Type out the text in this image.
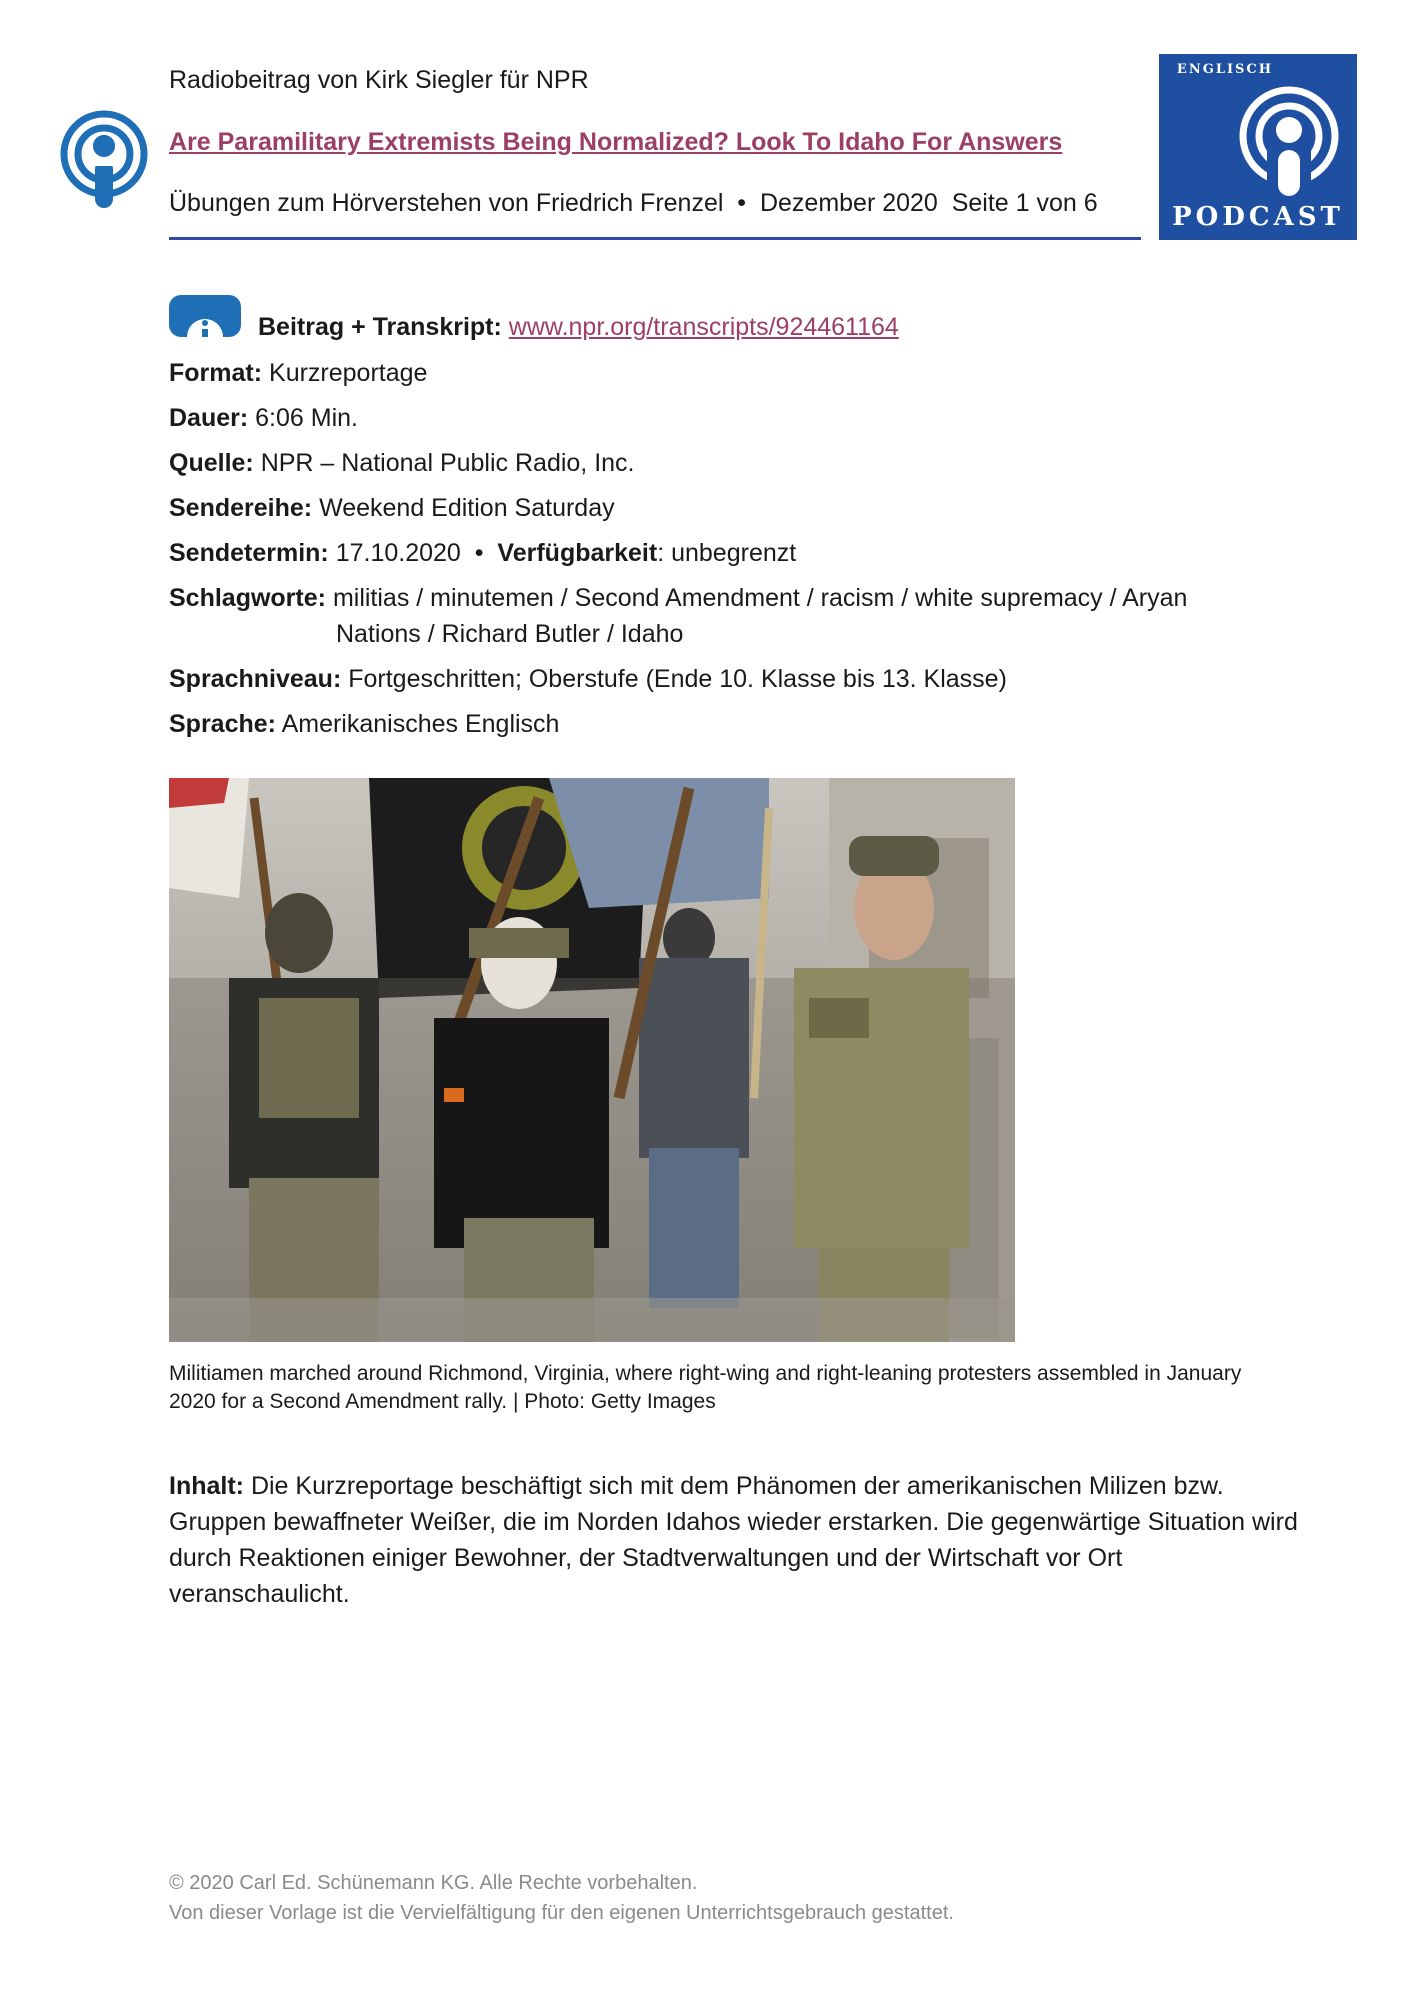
Radiobeitrag von Kirk Siegler für NPR
Are Paramilitary Extremists Being Normalized? Look To Idaho For Answers
Übungen zum Hörverstehen von Friedrich Frenzel  •  Dezember 2020  Seite 1 von 6
ENGLISCH
PODCAST
Beitrag + Transkript: www.npr.org/transcripts/924461164
Format: Kurzreportage
Dauer: 6:06 Min.
Quelle: NPR – National Public Radio, Inc.
Sendereihe: Weekend Edition Saturday
Sendetermin: 17.10.2020 • Verfügbarkeit: unbegrenzt
Schlagworte: militias / minutemen / Second Amendment / racism / white supremacy / Aryan
Nations / Richard Butler / Idaho
Sprachniveau: Fortgeschritten; Oberstufe (Ende 10. Klasse bis 13. Klasse)
Sprache: Amerikanisches Englisch
Militiamen marched around Richmond, Virginia, where right-wing and right-leaning protesters assembled in January 2020 for a Second Amendment rally. | Photo: Getty Images
Inhalt: Die Kurzreportage beschäftigt sich mit dem Phänomen der amerikanischen Milizen bzw. Gruppen bewaffneter Weißer, die im Norden Idahos wieder erstarken. Die gegenwärtige Situation wird durch Reaktionen einiger Bewohner, der Stadtverwaltungen und der Wirtschaft vor Ort veranschaulicht.
© 2020 Carl Ed. Schünemann KG. Alle Rechte vorbehalten.
Von dieser Vorlage ist die Vervielfältigung für den eigenen Unterrichtsgebrauch gestattet.
